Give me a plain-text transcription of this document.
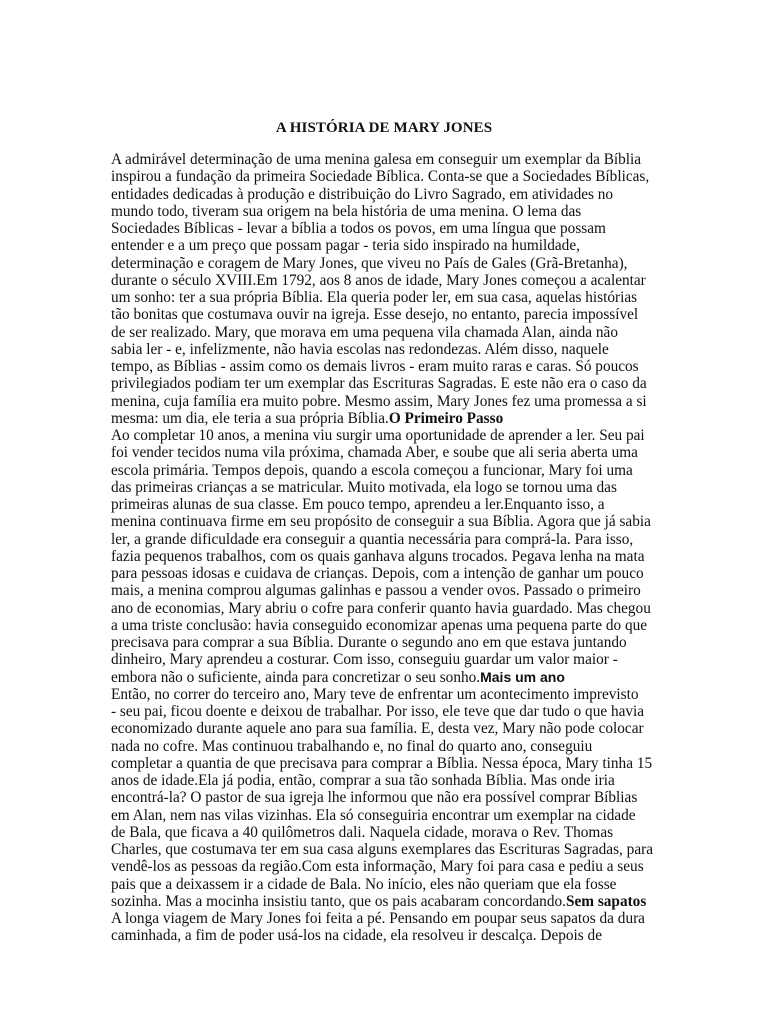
A HISTÓRIA DE MARY JONES
A admirável determinação de uma menina galesa em conseguir um exemplar da Bíblia
inspirou a fundação da primeira Sociedade Bíblica. Conta-se que a Sociedades Bíblicas,
entidades dedicadas à produção e distribuição do Livro Sagrado, em atividades no
mundo todo, tiveram sua origem na bela história de uma menina. O lema das
Sociedades Bíblicas - levar a bíblia a todos os povos, em uma língua que possam
entender e a um preço que possam pagar - teria sido inspirado na humildade,
determinação e coragem de Mary Jones, que viveu no País de Gales (Grã-Bretanha),
durante o século XVIII.Em 1792, aos 8 anos de idade, Mary Jones começou a acalentar
um sonho: ter a sua própria Bíblia. Ela queria poder ler, em sua casa, aquelas histórias
tão bonitas que costumava ouvir na igreja. Esse desejo, no entanto, parecia impossível
de ser realizado. Mary, que morava em uma pequena vila chamada Alan, ainda não
sabia ler - e, infelizmente, não havia escolas nas redondezas. Além disso, naquele
tempo, as Bíblias - assim como os demais livros - eram muito raras e caras. Só poucos
privilegiados podiam ter um exemplar das Escrituras Sagradas. E este não era o caso da
menina, cuja família era muito pobre. Mesmo assim, Mary Jones fez uma promessa a si
mesma: um dia, ele teria a sua própria Bíblia.O Primeiro Passo
Ao completar 10 anos, a menina viu surgir uma oportunidade de aprender a ler. Seu pai
foi vender tecidos numa vila próxima, chamada Aber, e soube que ali seria aberta uma
escola primária. Tempos depois, quando a escola começou a funcionar, Mary foi uma
das primeiras crianças a se matricular. Muito motivada, ela logo se tornou uma das
primeiras alunas de sua classe. Em pouco tempo, aprendeu a ler.Enquanto isso, a
menina continuava firme em seu propósito de conseguir a sua Bíblia. Agora que já sabia
ler, a grande dificuldade era conseguir a quantia necessária para comprá-la. Para isso,
fazia pequenos trabalhos, com os quais ganhava alguns trocados. Pegava lenha na mata
para pessoas idosas e cuidava de crianças. Depois, com a intenção de ganhar um pouco
mais, a menina comprou algumas galinhas e passou a vender ovos. Passado o primeiro
ano de economias, Mary abriu o cofre para conferir quanto havia guardado. Mas chegou
a uma triste conclusão: havia conseguido economizar apenas uma pequena parte do que
precisava para comprar a sua Bíblia. Durante o segundo ano em que estava juntando
dinheiro, Mary aprendeu a costurar. Com isso, conseguiu guardar um valor maior -
embora não o suficiente, ainda para concretizar o seu sonho.Mais um ano
Então, no correr do terceiro ano, Mary teve de enfrentar um acontecimento imprevisto
- seu pai, ficou doente e deixou de trabalhar. Por isso, ele teve que dar tudo o que havia
economizado durante aquele ano para sua família. E, desta vez, Mary não pode colocar
nada no cofre. Mas continuou trabalhando e, no final do quarto ano, conseguiu
completar a quantia de que precisava para comprar a Bíblia. Nessa época, Mary tinha 15
anos de idade.Ela já podia, então, comprar a sua tão sonhada Bíblia. Mas onde iria
encontrá-la? O pastor de sua igreja lhe informou que não era possível comprar Bíblias
em Alan, nem nas vilas vizinhas. Ela só conseguiria encontrar um exemplar na cidade
de Bala, que ficava a 40 quilômetros dali. Naquela cidade, morava o Rev. Thomas
Charles, que costumava ter em sua casa alguns exemplares das Escrituras Sagradas, para
vendê-los as pessoas da região.Com esta informação, Mary foi para casa e pediu a seus
pais que a deixassem ir a cidade de Bala. No início, eles não queriam que ela fosse
sozinha. Mas a mocinha insistiu tanto, que os pais acabaram concordando.Sem sapatos
A longa viagem de Mary Jones foi feita a pé. Pensando em poupar seus sapatos da dura
caminhada, a fim de poder usá-los na cidade, ela resolveu ir descalça. Depois de
